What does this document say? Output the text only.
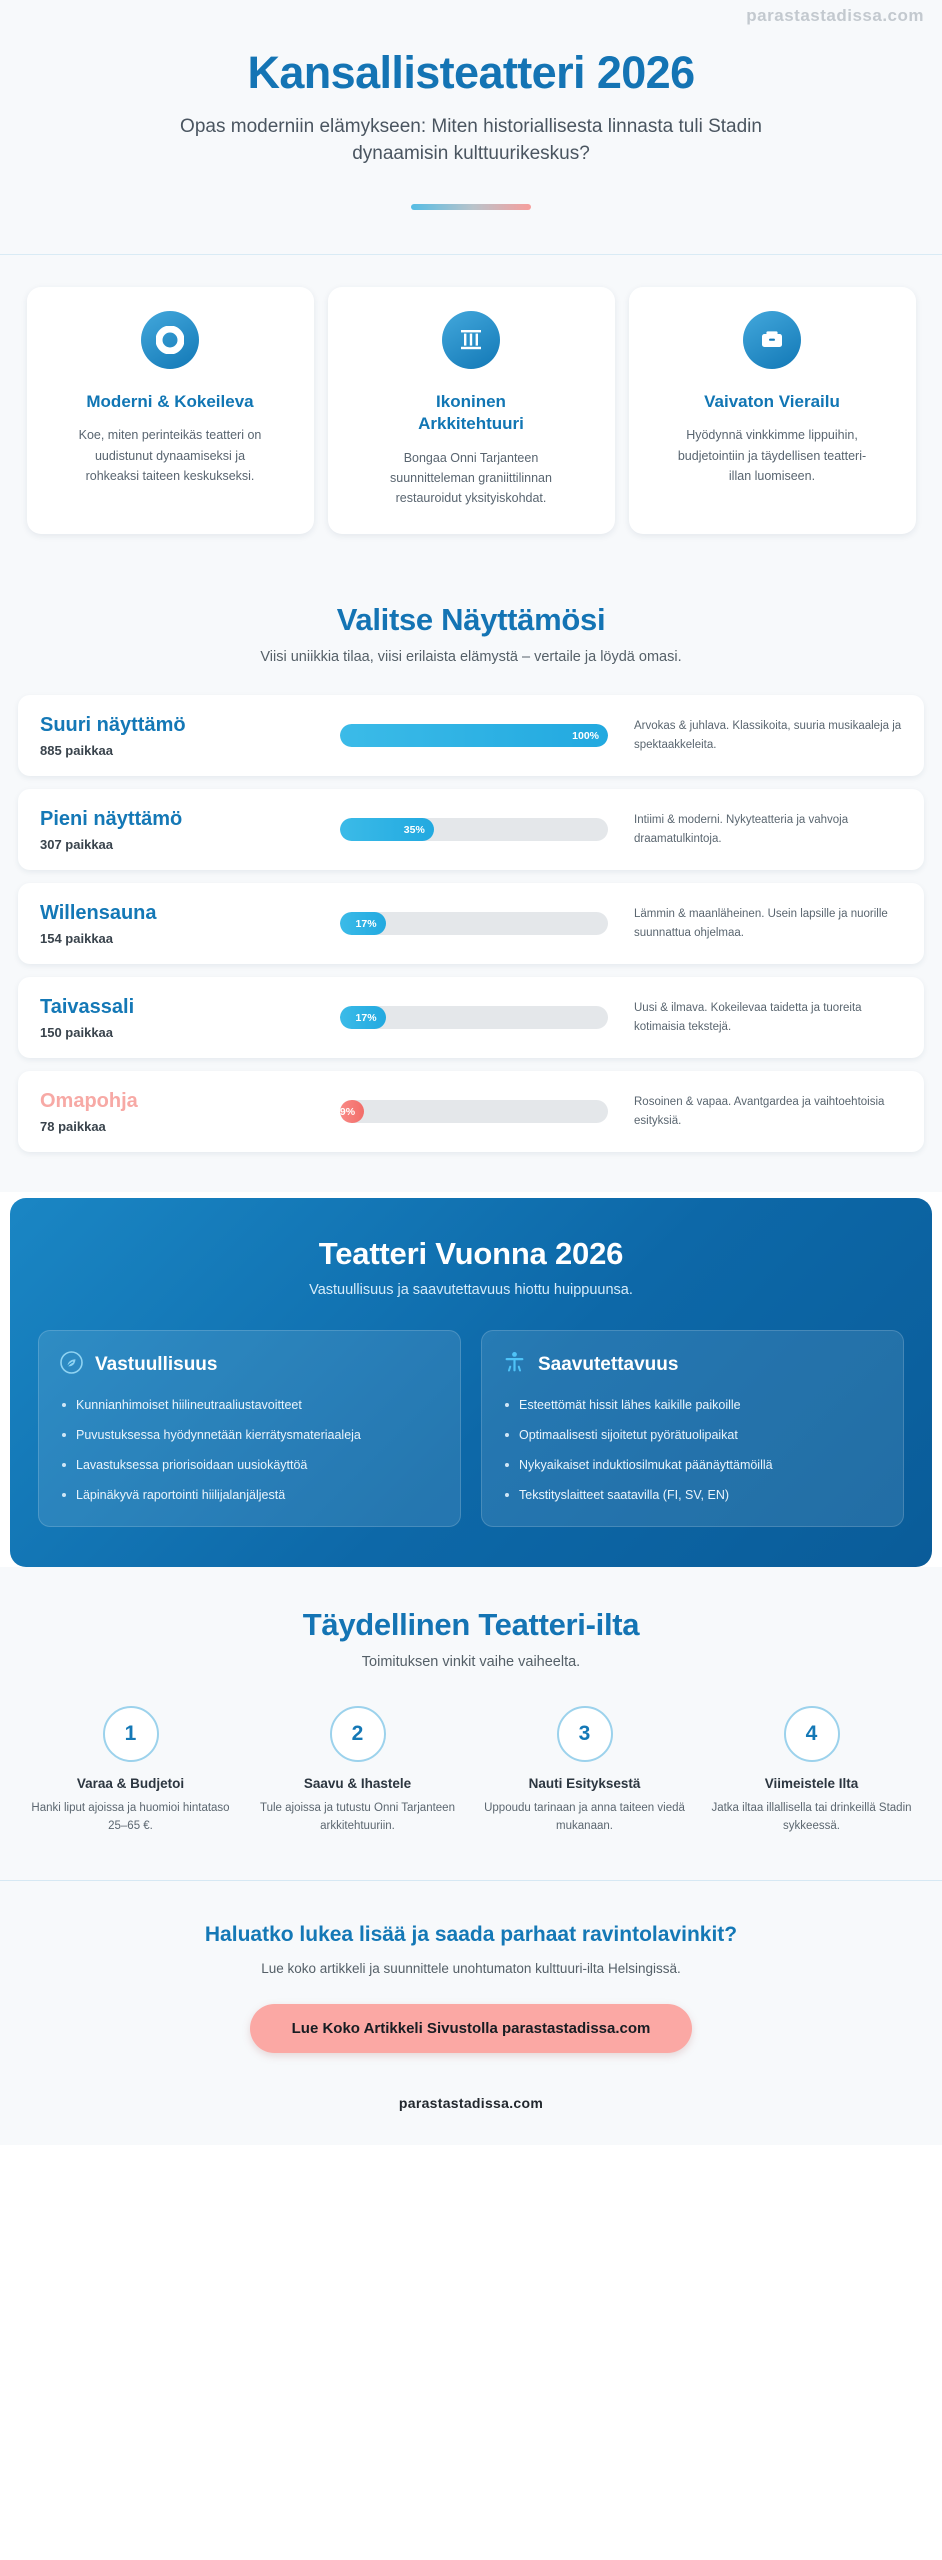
parastastadissa.com
Kansallisteatteri 2026

Opas moderniin elämykseen: Miten historiallisesta linnasta tuli Stadin dynaamisin kulttuurikeskus?

Moderni & Kokeileva
Koe, miten perinteikäs teatteri on uudistunut dynaamiseksi ja rohkeaksi taiteen keskukseksi.
Ikoninen Arkkitehtuuri
Bongaa Onni Tarjanteen suunnitteleman graniittilinnan restauroidut yksityiskohdat.
Vaivaton Vierailu
Hyödynnä vinkkimme lippuihin, budjetointiin ja täydellisen teatteri-illan luomiseen.
Valitse Näyttämösi

Viisi uniikkia tilaa, viisi erilaista elämystä – vertaile ja löydä omasi.

Suuri näyttämö
885 paikkaa
100%
Arvokas & juhlava. Klassikoita, suuria musikaaleja ja spektaakkeleita.
Pieni näyttämö
307 paikkaa
35%
Intiimi & moderni. Nykyteatteria ja vahvoja draamatulkintoja.
Willensauna
154 paikkaa
17%
Lämmin & maanläheinen. Usein lapsille ja nuorille suunnattua ohjelmaa.
Taivassali
150 paikkaa
17%
Uusi & ilmava. Kokeilevaa taidetta ja tuoreita kotimaisia tekstejä.
Omapohja
78 paikkaa
9%
Rosoinen & vapaa. Avantgardea ja vaihtoehtoisia esityksiä.
Teatteri Vuonna 2026

Vastuullisuus ja saavutettavuus hiottu huippuunsa.

Vastuullisuus
Kunnianhimoiset hiilineutraaliustavoitteet
Puvustuksessa hyödynnetään kierrätysmateriaaleja
Lavastuksessa priorisoidaan uusiokäyttöä
Läpinäkyvä raportointi hiilijalanjäljestä
Saavutettavuus
Esteettömät hissit lähes kaikille paikoille
Optimaalisesti sijoitetut pyörätuolipaikat
Nykyaikaiset induktiosilmukat päänäyttämöillä
Tekstityslaitteet saatavilla (FI, SV, EN)
Täydellinen Teatteri-ilta

Toimituksen vinkit vaihe vaiheelta.

1
Varaa & Budjetoi
Hanki liput ajoissa ja huomioi hintataso 25–65 €.
2
Saavu & Ihastele
Tule ajoissa ja tutustu Onni Tarjanteen arkkitehtuuriin.
3
Nauti Esityksestä
Uppoudu tarinaan ja anna taiteen viedä mukanaan.
4
Viimeistele Ilta
Jatka iltaa illallisella tai drinkeillä Stadin sykkeessä.
Haluatko lukea lisää ja saada parhaat ravintolavinkit?

Lue koko artikkeli ja suunnittele unohtumaton kulttuuri-ilta Helsingissä.

Lue Koko Artikkeli Sivustolla parastastadissa.com
parastastadissa.com
